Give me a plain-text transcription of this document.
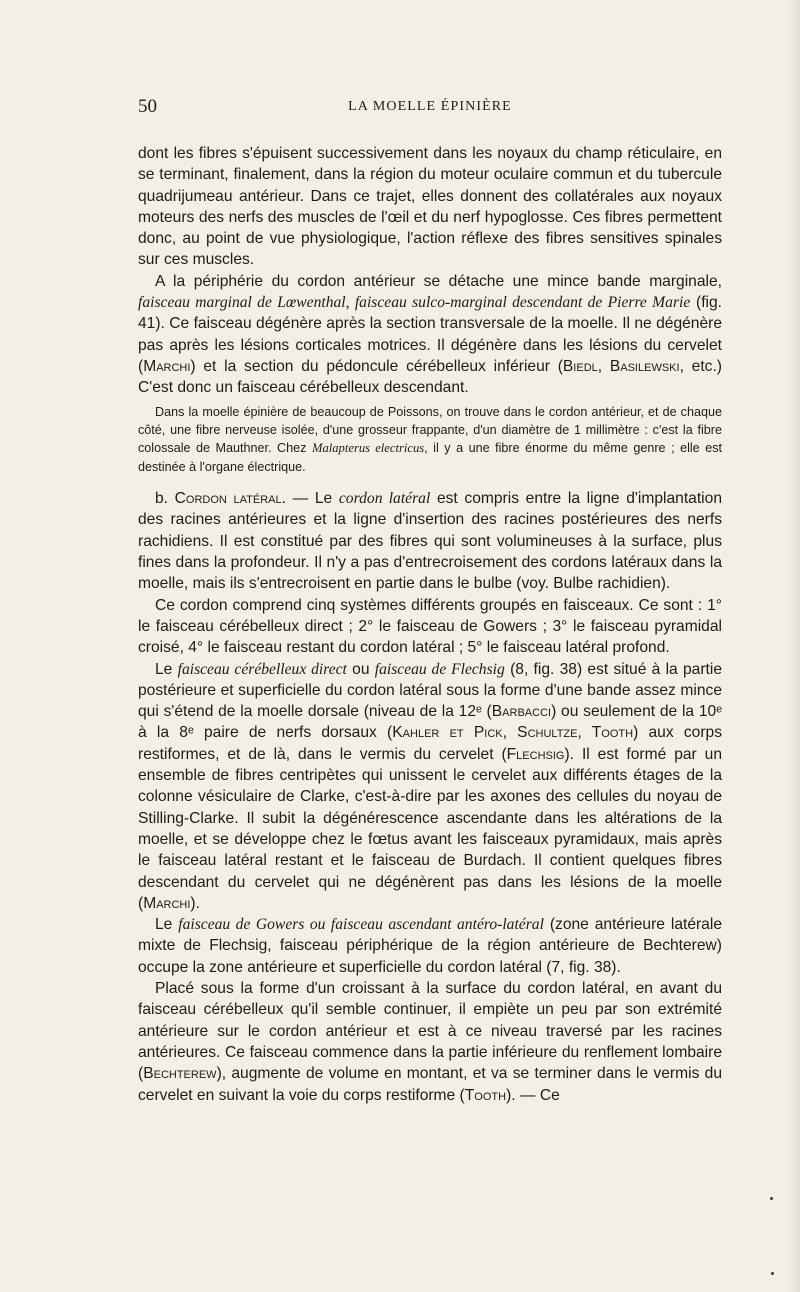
50	LA MOELLE ÉPINIÈRE

dont les fibres s'épuisent successivement dans les noyaux du champ réticulaire, en se terminant, finalement, dans la région du moteur oculaire commun et du tubercule quadrijumeau antérieur. Dans ce trajet, elles donnent des collatérales aux noyaux moteurs des nerfs des muscles de l'œil et du nerf hypoglosse. Ces fibres permettent donc, au point de vue physiologique, l'action réflexe des fibres sensitives spinales sur ces muscles.

A la périphérie du cordon antérieur se détache une mince bande marginale, faisceau marginal de Lœwenthal, faisceau sulco-marginal descendant de Pierre Marie (fig. 41). Ce faisceau dégénère après la section transversale de la moelle. Il ne dégénère pas après les lésions corticales motrices. Il dégénère dans les lésions du cervelet (Marchi) et la section du pédoncule cérébelleux inférieur (Biedl, Basilewski, etc.) C'est donc un faisceau cérébelleux descendant.

Dans la moelle épinière de beaucoup de Poissons, on trouve dans le cordon antérieur, et de chaque côté, une fibre nerveuse isolée, d'une grosseur frappante, d'un diamètre de 1 millimètre : c'est la fibre colossale de Mauthner. Chez Malapterus electricus, il y a une fibre énorme du même genre ; elle est destinée à l'organe électrique.

b. Cordon latéral. — Le cordon latéral est compris entre la ligne d'implantation des racines antérieures et la ligne d'insertion des racines postérieures des nerfs rachidiens. Il est constitué par des fibres qui sont volumineuses à la surface, plus fines dans la profondeur. Il n'y a pas d'entrecroisement des cordons latéraux dans la moelle, mais ils s'entrecroisent en partie dans le bulbe (voy. Bulbe rachidien).

Ce cordon comprend cinq systèmes différents groupés en faisceaux. Ce sont : 1° le faisceau cérébelleux direct ; 2° le faisceau de Gowers ; 3° le faisceau pyramidal croisé, 4° le faisceau restant du cordon latéral ; 5° le faisceau latéral profond.

Le faisceau cérébelleux direct ou faisceau de Flechsig (8, fig. 38) est situé à la partie postérieure et superficielle du cordon latéral sous la forme d'une bande assez mince qui s'étend de la moelle dorsale (niveau de la 12ᵉ (Barbacci) ou seulement de la 10ᵉ à la 8ᵉ paire de nerfs dorsaux (Kahler et Pick, Schultze, Tooth) aux corps restiformes, et de là, dans le vermis du cervelet (Flechsig). Il est formé par un ensemble de fibres centripètes qui unissent le cervelet aux différents étages de la colonne vésiculaire de Clarke, c'est-à-dire par les axones des cellules du noyau de Stilling-Clarke. Il subit la dégénérescence ascendante dans les altérations de la moelle, et se développe chez le fœtus avant les faisceaux pyramidaux, mais après le faisceau latéral restant et le faisceau de Burdach. Il contient quelques fibres descendant du cervelet qui ne dégénèrent pas dans les lésions de la moelle (Marchi).

Le faisceau de Gowers ou faisceau ascendant antéro-latéral (zone antérieure latérale mixte de Flechsig, faisceau périphérique de la région antérieure de Bechterew) occupe la zone antérieure et superficielle du cordon latéral (7, fig. 38).

Placé sous la forme d'un croissant à la surface du cordon latéral, en avant du faisceau cérébelleux qu'il semble continuer, il empiète un peu par son extrémité antérieure sur le cordon antérieur et est à ce niveau traversé par les racines antérieures. Ce faisceau commence dans la partie inférieure du renflement lombaire (Bechterew), augmente de volume en montant, et va se terminer dans le vermis du cervelet en suivant la voie du corps restiforme (Tooth). — Ce
